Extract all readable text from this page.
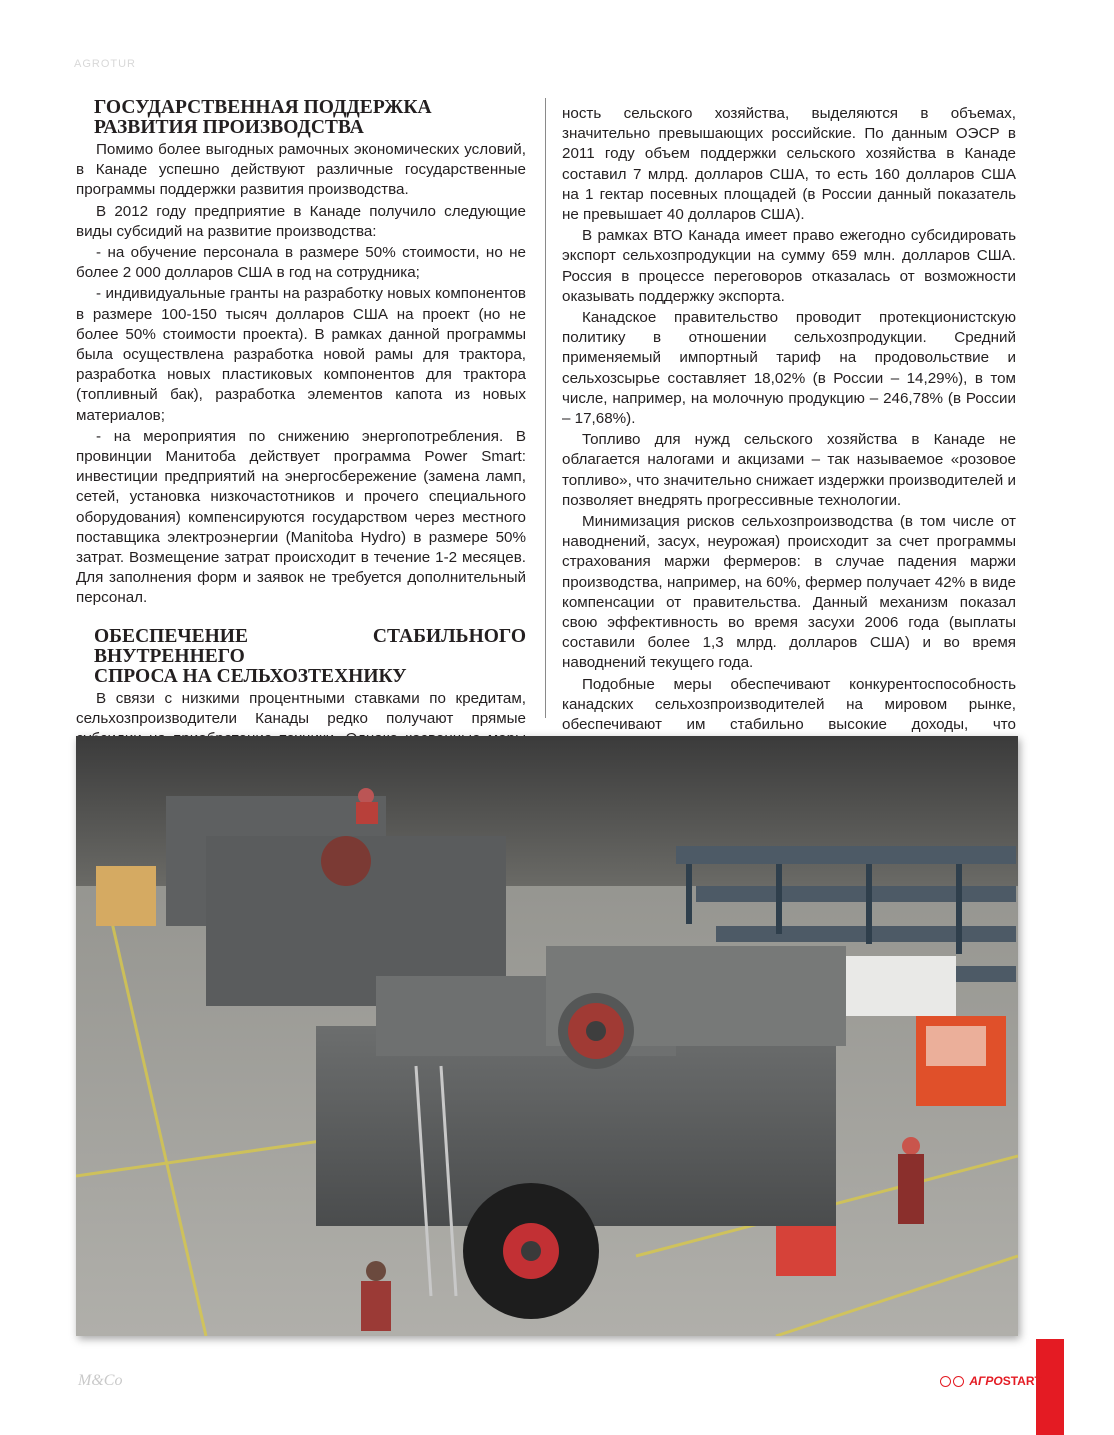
AGROTUR
ГОСУДАРСТВЕННАЯ ПОДДЕРЖКА
РАЗВИТИЯ ПРОИЗВОДСТВА

Помимо более выгодных рамочных экономических условий, в Канаде успешно действуют различные государственные программы поддержки развития производства.

В 2012 году предприятие в Канаде получило следующие виды субсидий на развитие производства:

- на обучение персонала в размере 50% стоимости, но не более 2 000 долларов США в год на сотрудника;

- индивидуальные гранты на разработку новых компонентов в размере 100-150 тысяч долларов США на проект (но не более 50% стоимости проекта). В рамках данной программы была осуществлена разработка новой рамы для трактора, разработка новых пластиковых компонентов для трактора (топливный бак), разработка элементов капота из новых материалов;

- на мероприятия по снижению энергопотребления. В провинции Манитоба действует программа Power Smart: инвестиции предприятий на энергосбережение (замена ламп, сетей, установка низкочастотников и прочего специального оборудования) компенсируются государством через местного поставщика электроэнергии (Manitoba Hydro) в размере 50% затрат. Возмещение затрат происходит в течение 1-2 месяцев. Для заполнения форм и заявок не требуется дополнительный персонал.

ОБЕСПЕЧЕНИЕ СТАБИЛЬНОГО ВНУТРЕННЕГО
СПРОСА НА СЕЛЬХОЗТЕХНИКУ

В связи с низкими процентными ставками по кредитам, сельхозпроизводители Канады редко получают прямые

ность сельского хозяйства, выделяются в объемах, значительно превышающих российские. По данным ОЭСР в 2011 году объем поддержки сельского хозяйства в Канаде составил 7 млрд. долларов США, то есть 160 долларов США на 1 гектар посевных площадей (в России данный показатель не превышает 40 долларов США).

В рамках ВТО Канада имеет право ежегодно субсидировать экспорт сельхозпродукции на сумму 659 млн. долларов США. Россия в процессе переговоров отказалась от возможности оказывать поддержку экспорта.

Канадское правительство проводит протекционистскую политику в отношении сельхозпродукции. Средний применяемый импортный тариф на продовольствие и сельхозсырье составляет 18,02% (в России – 14,29%), в том числе, например, на молочную продукцию – 246,78% (в России – 17,68%).

Топливо для нужд сельского хозяйства в Канаде не облагается налогами и акцизами – так называемое «розовое топливо», что значительно снижает издержки производителей и позволяет внедрять прогрессивные технологии.

Минимизация рисков сельхозпроизводства (в том числе от наводнений, засух, неурожая) происходит за счет программы страхования маржи фермеров: в случае падения маржи производства, например, на 60%, фермер получает 42% в виде компенсации от правительства. Данный механизм показал свою эффективность во время засухи 2006 года (выплаты составили более 1,3 млрд. долларов США) и во время наводнений текущего года.

Подобные меры обеспечивают конкурентоспособность канадских сельхозпроизводителей на мировом рынке, обеспечивают им стабильно высокие доходы, что

M&Co	АГРОSTART
